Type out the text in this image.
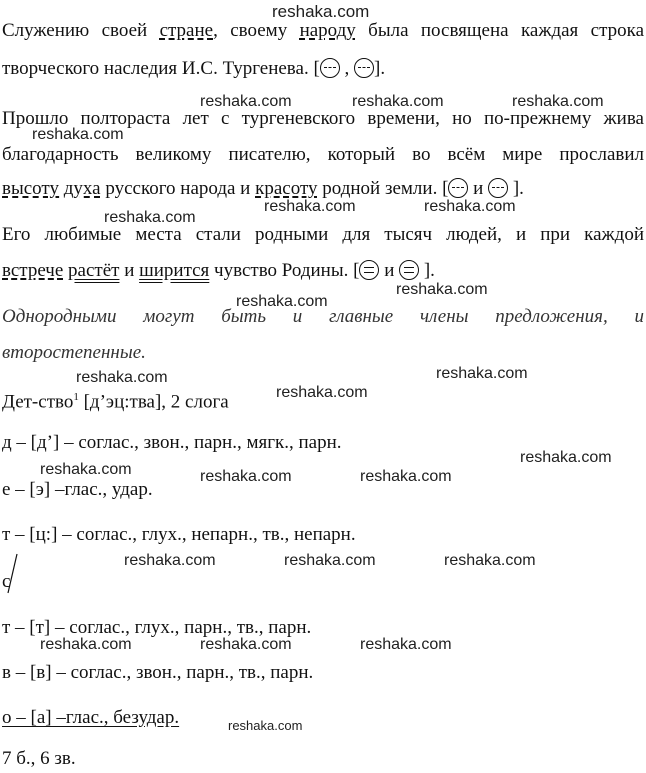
reshaka.com
reshaka.com	reshaka.com	reshaka.com
reshaka.com
reshaka.com	reshaka.com
reshaka.com
reshaka.com
reshaka.com
reshaka.com	reshaka.com
reshaka.com
reshaka.com
reshaka.com	reshaka.com	reshaka.com
reshaka.com	reshaka.com	reshaka.com
reshaka.com	reshaka.com	reshaka.com
reshaka.com
Служению своей стране, своему народу была посвящена каждая строка
творческого наследия И.С. Тургенева. [ , ].
Прошло полтораста лет с тургеневского времени, но по-прежнему жива
благодарность великому писателю, который во всём мире прославил
высоту духа русского народа и красоту родной земли. [ и  ].
Его любимые места стали родными для тысяч людей, и при каждой
встрече растёт и ширится чувство Родины. [ и  ].
Однородными могут быть и главные члены предложения, и
второстепенные.
Дет-ство$^1$ [д’эц:тва], 2 слога
д – [д’] – соглас., звон., парн., мягк., парн.
е – [э] –глас., удар.
т – [ц:] – соглас., глух., непарн., тв., непарн.
с
т – [т] – соглас., глух., парн., тв., парн.
в – [в] – соглас., звон., парн., тв., парн.
о – [а] –глас., безудар.
7 б., 6 зв.
